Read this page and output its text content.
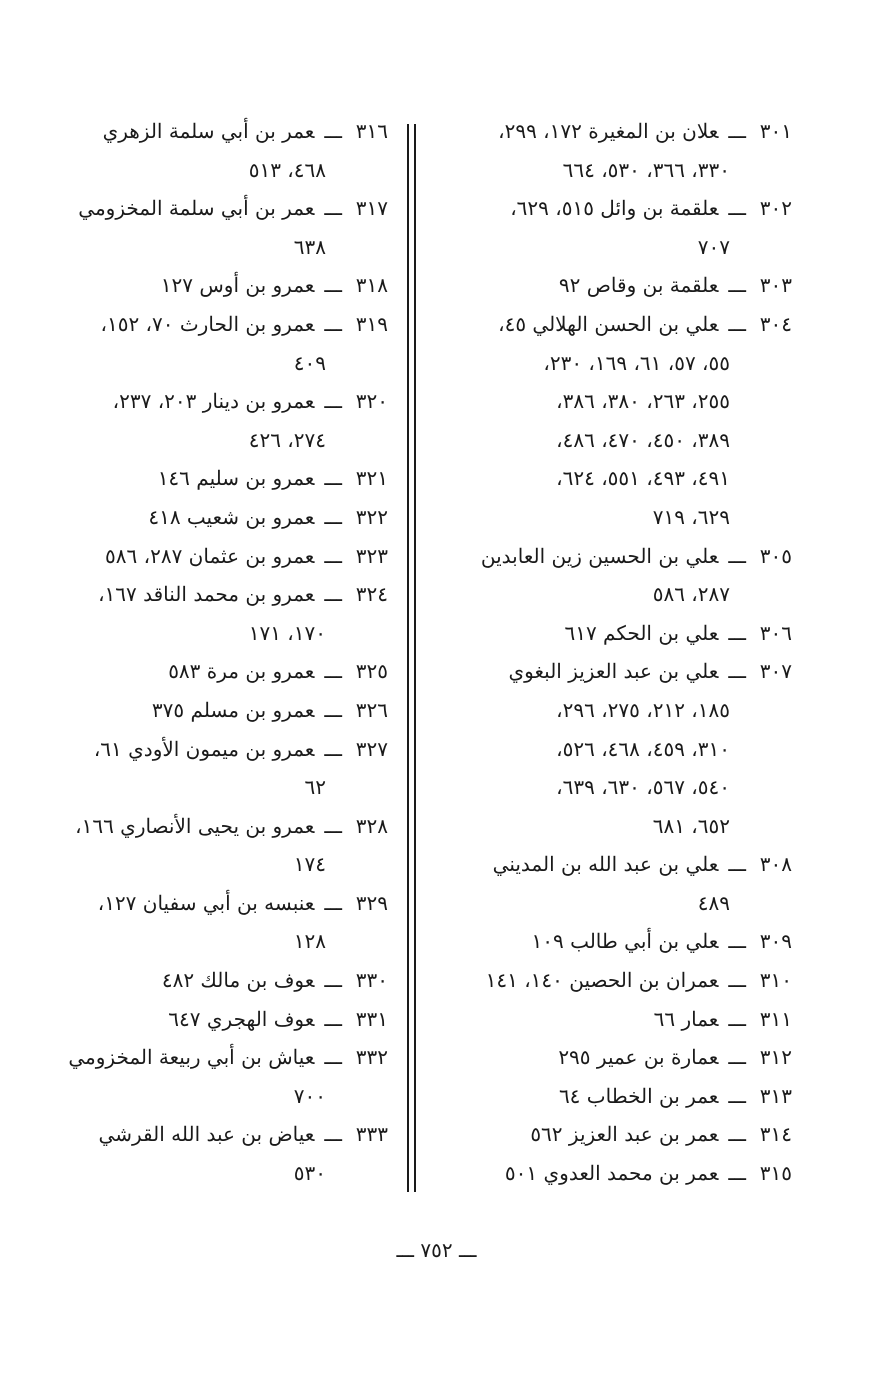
٣٠١ـــعلان بن المغيرة ١٧٢، ٢٩٩،
٣٣٠، ٣٦٦، ٥٣٠، ٦٦٤
٣٠٢ـــعلقمة بن وائل ٥١٥، ٦٢٩،
٧٠٧
٣٠٣ـــعلقمة بن وقاص ٩٢
٣٠٤ـــعلي بن الحسن الهلالي ٤٥،
٥٥، ٥٧، ٦١، ١٦٩، ٢٣٠،
٢٥٥، ٢٦٣، ٣٨٠، ٣٨٦،
٣٨٩، ٤٥٠، ٤٧٠، ٤٨٦،
٤٩١، ٤٩٣، ٥٥١، ٦٢٤،
٦٢٩، ٧١٩
٣٠٥ـــعلي بن الحسين زين العابدين
٢٨٧، ٥٨٦
٣٠٦ـــعلي بن الحكم ٦١٧
٣٠٧ـــعلي بن عبد العزيز البغوي
١٨٥، ٢١٢، ٢٧٥، ٢٩٦،
٣١٠، ٤٥٩، ٤٦٨، ٥٢٦،
٥٤٠، ٥٦٧، ٦٣٠، ٦٣٩،
٦٥٢، ٦٨١
٣٠٨ـــعلي بن عبد الله بن المديني
٤٨٩
٣٠٩ـــعلي بن أبي طالب ١٠٩
٣١٠ـــعمران بن الحصين ١٤٠، ١٤١
٣١١ـــعمار ٦٦
٣١٢ـــعمارة بن عمير ٢٩٥
٣١٣ـــعمر بن الخطاب ٦٤
٣١٤ـــعمر بن عبد العزيز ٥٦٢
٣١٥ـــعمر بن محمد العدوي ٥٠١
٣١٦ـــعمر بن أبي سلمة الزهري
٤٦٨، ٥١٣
٣١٧ـــعمر بن أبي سلمة المخزومي
٦٣٨
٣١٨ـــعمرو بن أوس ١٢٧
٣١٩ـــعمرو بن الحارث ٧٠، ١٥٢،
٤٠٩
٣٢٠ـــعمرو بن دينار ٢٠٣، ٢٣٧،
٢٧٤، ٤٢٦
٣٢١ـــعمرو بن سليم ١٤٦
٣٢٢ـــعمرو بن شعيب ٤١٨
٣٢٣ـــعمرو بن عثمان ٢٨٧، ٥٨٦
٣٢٤ـــعمرو بن محمد الناقد ١٦٧،
١٧٠، ١٧١
٣٢٥ـــعمرو بن مرة ٥٨٣
٣٢٦ـــعمرو بن مسلم ٣٧٥
٣٢٧ـــعمرو بن ميمون الأودي ٦١،
٦٢
٣٢٨ـــعمرو بن يحيى الأنصاري ١٦٦،
١٧٤
٣٢٩ـــعنبسه بن أبي سفيان ١٢٧،
١٢٨
٣٣٠ـــعوف بن مالك ٤٨٢
٣٣١ـــعوف الهجري ٦٤٧
٣٣٢ـــعياش بن أبي ربيعة المخزومي
٧٠٠
٣٣٣ـــعياض بن عبد الله القرشي
٥٣٠
ـــ ٧٥٢ ـــ
